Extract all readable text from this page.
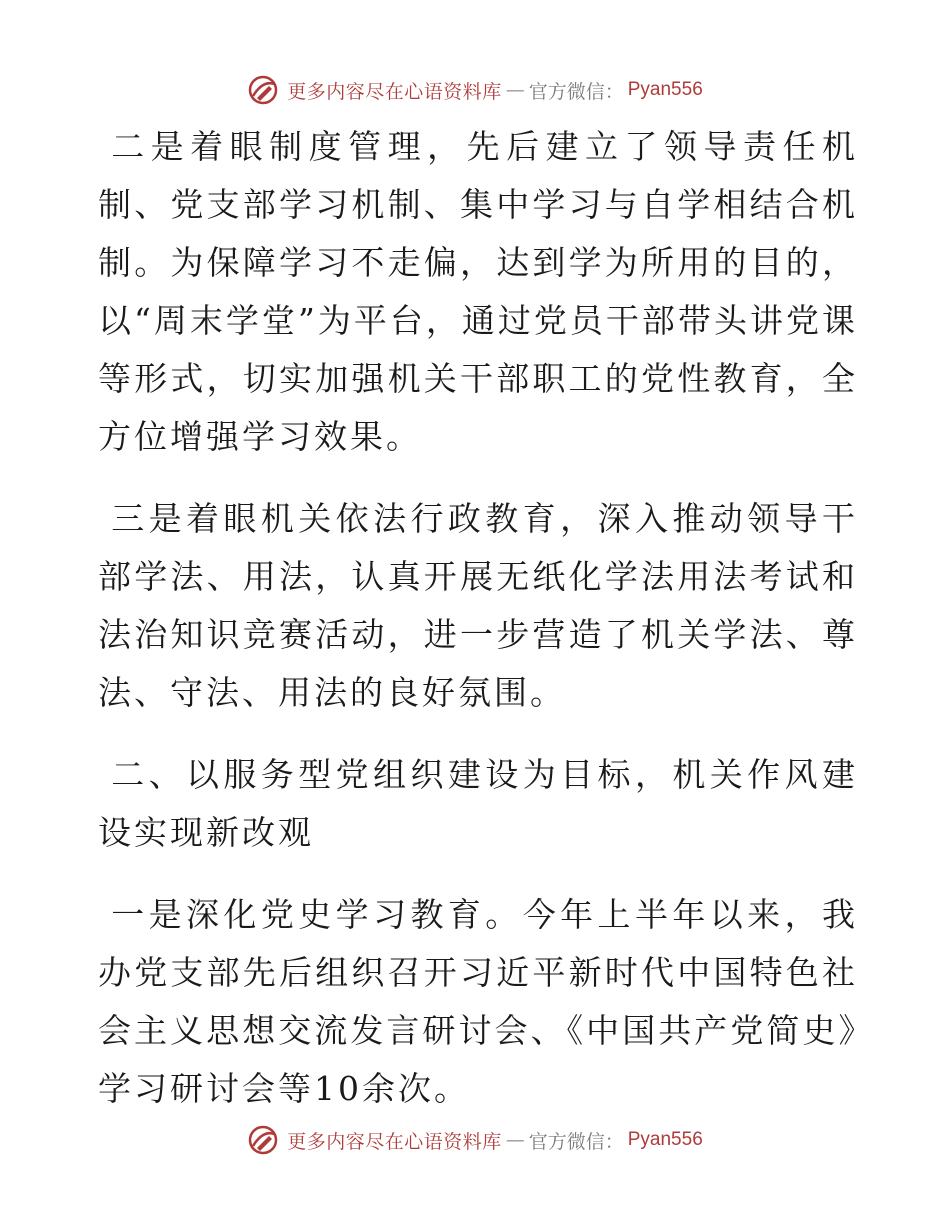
更多内容尽在心语资料库 — 官方微信： Pyan556

二是着眼制度管理，先后建立了领导责任机制、党支部学习机制、集中学习与自学相结合机制。为保障学习不走偏，达到学为所用的目的，以“周末学堂”为平台，通过党员干部带头讲党课等形式，切实加强机关干部职工的党性教育，全方位增强学习效果。

三是着眼机关依法行政教育，深入推动领导干部学法、用法，认真开展无纸化学法用法考试和法治知识竞赛活动，进一步营造了机关学法、尊法、守法、用法的良好氛围。

二、以服务型党组织建设为目标，机关作风建设实现新改观

一是深化党史学习教育。今年上半年以来，我办党支部先后组织召开习近平新时代中国特色社会主义思想交流发言研讨会、《中国共产党简史》学习研讨会等10余次。

更多内容尽在心语资料库 — 官方微信： Pyan556
